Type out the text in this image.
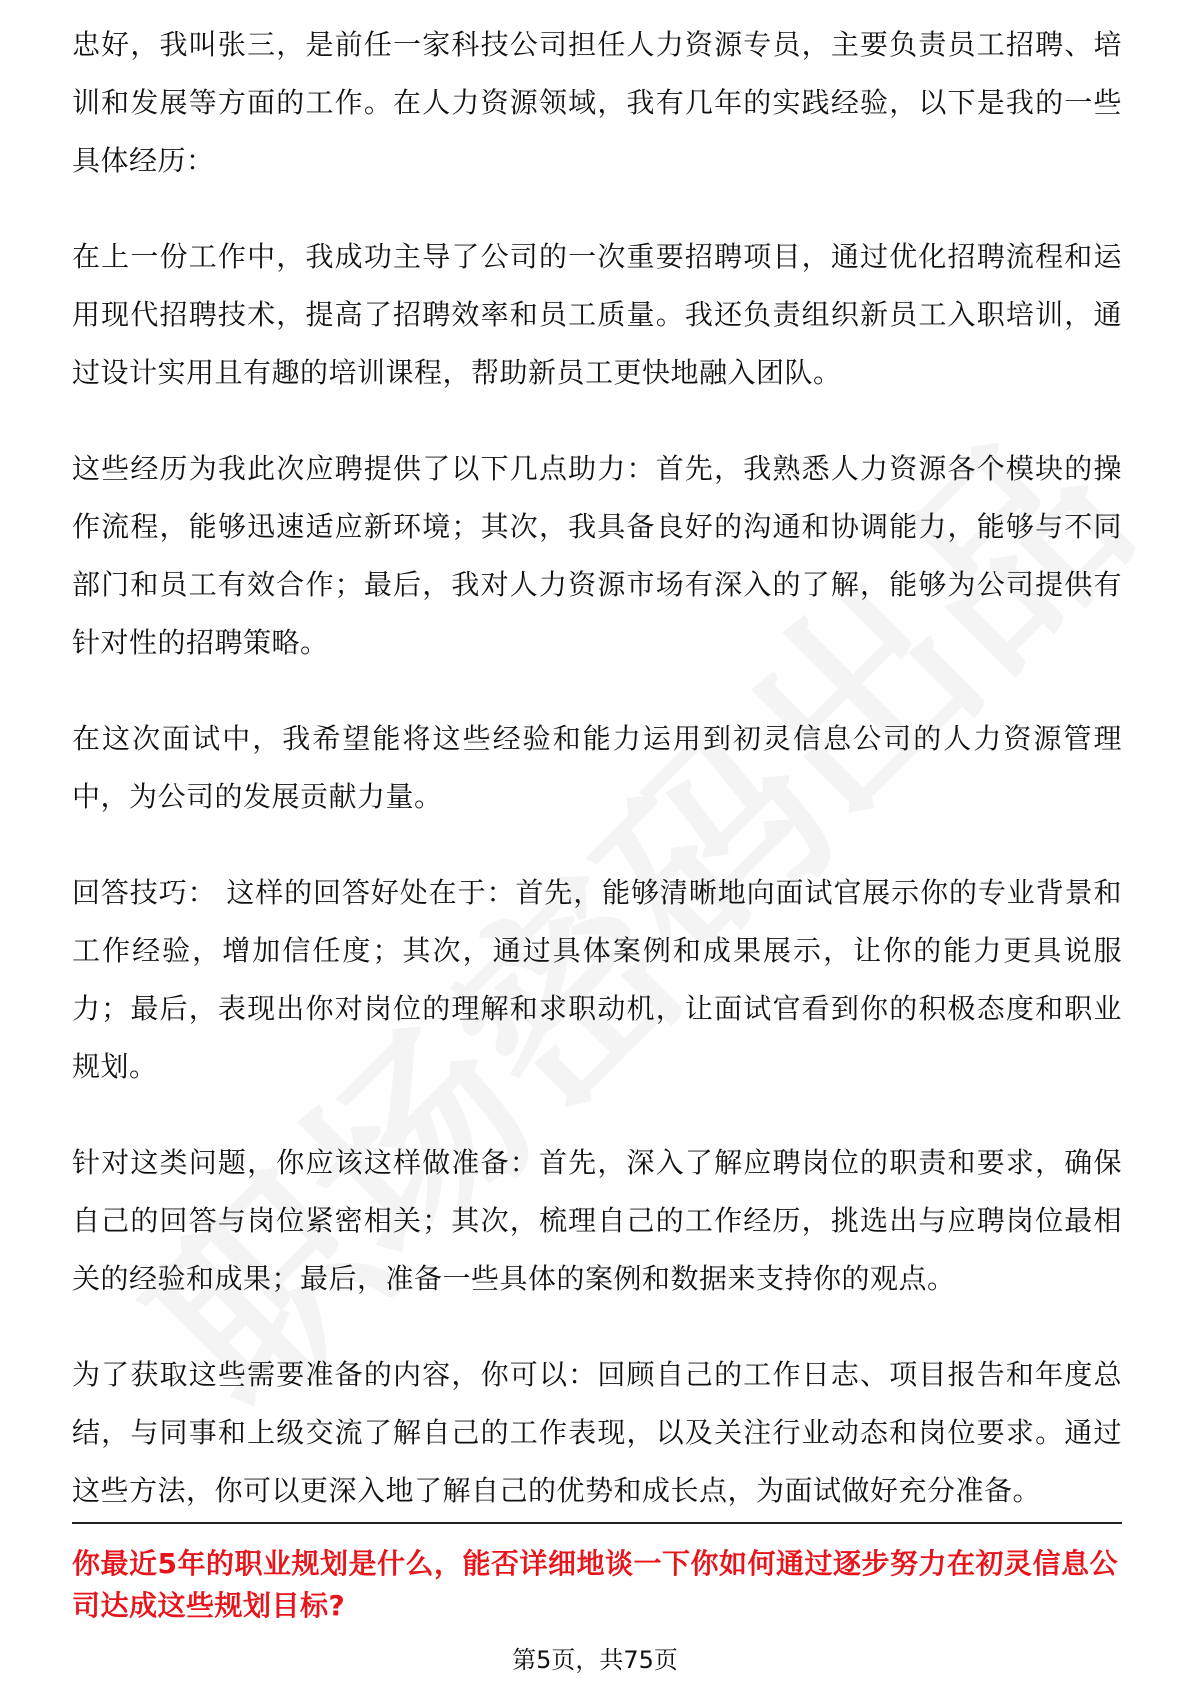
忠好，我叫张三，是前任一家科技公司担任人力资源专员，主要负责员工招聘、培训和发展等方面的工作。在人力资源领域，我有几年的实践经验，以下是我的一些具体经历：

在上一份工作中，我成功主导了公司的一次重要招聘项目，通过优化招聘流程和运用现代招聘技术，提高了招聘效率和员工质量。我还负责组织新员工入职培训，通过设计实用且有趣的培训课程，帮助新员工更快地融入团队。

这些经历为我此次应聘提供了以下几点助力：首先，我熟悉人力资源各个模块的操作流程，能够迅速适应新环境；其次，我具备良好的沟通和协调能力，能够与不同部门和员工有效合作；最后，我对人力资源市场有深入的了解，能够为公司提供有针对性的招聘策略。

在这次面试中，我希望能将这些经验和能力运用到初灵信息公司的人力资源管理中，为公司的发展贡献力量。

回答技巧： 这样的回答好处在于：首先，能够清晰地向面试官展示你的专业背景和工作经验，增加信任度；其次，通过具体案例和成果展示，让你的能力更具说服力；最后，表现出你对岗位的理解和求职动机，让面试官看到你的积极态度和职业规划。

针对这类问题，你应该这样做准备：首先，深入了解应聘岗位的职责和要求，确保自己的回答与岗位紧密相关；其次，梳理自己的工作经历，挑选出与应聘岗位最相关的经验和成果；最后，准备一些具体的案例和数据来支持你的观点。

为了获取这些需要准备的内容，你可以：回顾自己的工作日志、项目报告和年度总结，与同事和上级交流了解自己的工作表现，以及关注行业动态和岗位要求。通过这些方法，你可以更深入地了解自己的优势和成长点，为面试做好充分准备。

你最近5年的职业规划是什么，能否详细地谈一下你如何通过逐步努力在初灵信息公司达成这些规划目标?

第5页，共75页
